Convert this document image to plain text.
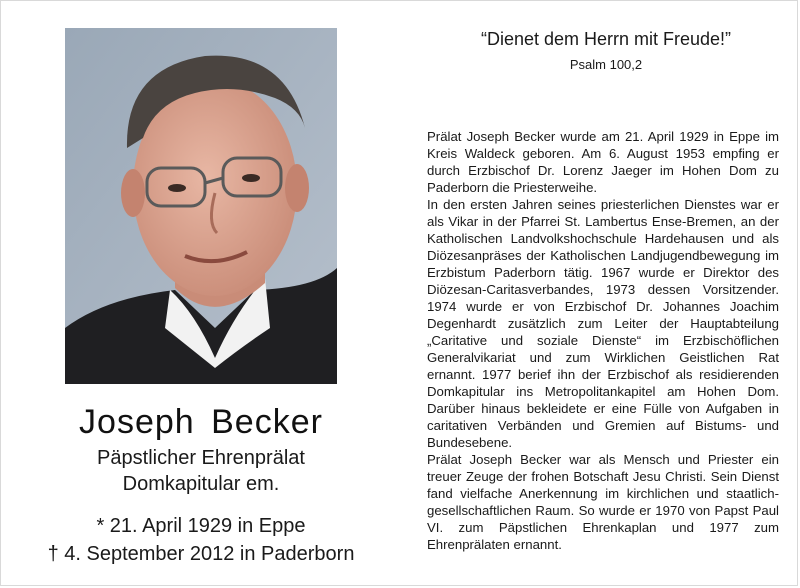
Joseph Becker
Päpstlicher Ehrenprälat
Domkapitular em.
* 21. April 1929 in Eppe
† 4. September 2012 in Paderborn
“Dienet dem Herrn mit Freude!”
Psalm 100,2

Prälat Joseph Becker wurde am 21. April 1929 in Eppe im Kreis Waldeck geboren. Am 6. August 1953 empfing er durch Erzbischof Dr. Lorenz Jaeger im Hohen Dom zu Paderborn die Priesterweihe.

In den ersten Jahren seines priesterlichen Dienstes war er als Vikar in der Pfarrei St. Lambertus Ense-Bremen, an der Katholischen Landvolkshochschule Hardehausen und als Diözesanpräses der Katholischen Landjugendbewegung im Erzbistum Paderborn tätig. 1967 wurde er Direktor des Diözesan-Caritasverbandes, 1973 dessen Vorsitzender. 1974 wurde er von Erzbischof Dr. Johannes Joachim Degenhardt zusätzlich zum Leiter der Hauptabteilung „Caritative und soziale Dienste“ im Erzbischöflichen Generalvikariat und zum Wirklichen Geistlichen Rat ernannt. 1977 berief ihn der Erzbischof als residierenden Domkapitular ins Metropolitankapitel am Hohen Dom. Darüber hinaus bekleidete er eine Fülle von Aufgaben in caritativen Verbänden und Gremien auf Bistums- und Bundesebene.

Prälat Joseph Becker war als Mensch und Priester ein treuer Zeuge der frohen Botschaft Jesu Christi. Sein Dienst fand vielfache Anerkennung im kirchlichen und staatlich-gesellschaftlichen Raum. So wurde er 1970 von Papst Paul VI. zum Päpstlichen Ehrenkaplan und 1977 zum Ehrenprälaten ernannt.
